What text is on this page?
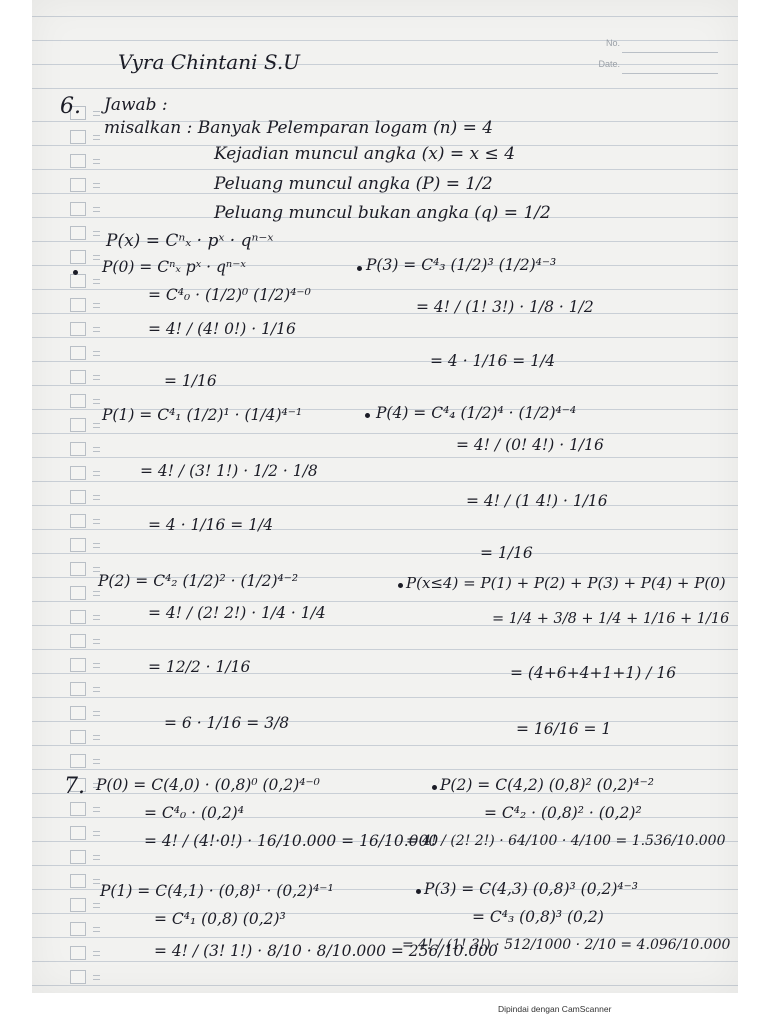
No.
Date.
Vyra Chintani S.U
6. Jawab :
misalkan : Banyak Pelemparan logam (n) = 4
Kejadian muncul angka (x) = x ≤ 4
Peluang muncul angka (P) = 1/2
Peluang muncul bukan angka (q) = 1/2
P(x) = Cⁿₓ · pˣ · qⁿ⁻ˣ
P(0) = Cⁿₓ pˣ · qⁿ⁻ˣ
= C⁴₀ · (1/2)⁰ (1/2)⁴⁻⁰
= 4! / (4! 0!) · 1/16
= 1/16
P(1) = C⁴₁ (1/2)¹ · (1/4)⁴⁻¹
= 4! / (3! 1!) · 1/2 · 1/8
= 4 · 1/16 = 1/4
P(2) = C⁴₂ (1/2)² · (1/2)⁴⁻²
= 4! / (2! 2!) · 1/4 · 1/4
= 12/2 · 1/16
= 6 · 1/16 = 3/8
P(3) = C⁴₃ (1/2)³ (1/2)⁴⁻³
= 4! / (1! 3!) · 1/8 · 1/2
= 4 · 1/16 = 1/4
P(4) = C⁴₄ (1/2)⁴ · (1/2)⁴⁻⁴
= 4! / (0! 4!) · 1/16
= 4! / (1 4!) · 1/16
= 1/16
P(x≤4) = P(1) + P(2) + P(3) + P(4) + P(0)
= 1/4 + 3/8 + 1/4 + 1/16 + 1/16
= (4+6+4+1+1) / 16
= 16/16 = 1
7. P(0) = C(4,0) · (0,8)⁰ (0,2)⁴⁻⁰
= C⁴₀ · (0,2)⁴
= 4! / (4!·0!) · 16/10.000 = 16/10.000
P(1) = C(4,1) · (0,8)¹ · (0,2)⁴⁻¹
= C⁴₁ (0,8) (0,2)³
= 4! / (3! 1!) · 8/10 · 8/10.000 = 256/10.000
P(2) = C(4,2) (0,8)² (0,2)⁴⁻²
= C⁴₂ · (0,8)² · (0,2)²
= 4! / (2! 2!) · 64/100 · 4/100 = 1.536/10.000
P(3) = C(4,3) (0,8)³ (0,2)⁴⁻³
= C⁴₃ (0,8)³ (0,2)
= 4! / (1! 3!) · 512/1000 · 2/10 = 4.096/10.000
Dipindai dengan CamScanner
